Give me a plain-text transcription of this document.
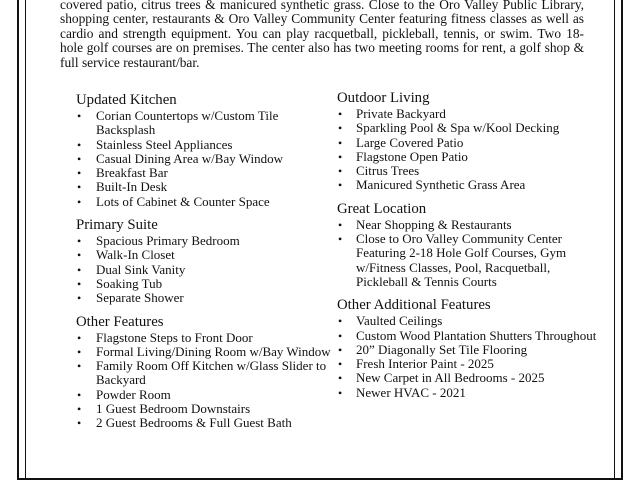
covered patio, citrus trees & manicured synthetic grass. Close to the Oro Valley Public Library, shopping center, restaurants & Oro Valley Community Center featuring fitness classes as well as cardio and strength equipment. You can play racquetball, pickleball, tennis, or swim. Two 18-hole golf courses are on premises. The center also has two meeting rooms for rent, a golf shop & full service restaurant/bar.

Updated Kitchen
• Corian Countertops w/Custom Tile Backsplash
• Stainless Steel Appliances
• Casual Dining Area w/Bay Window
• Breakfast Bar
• Built-In Desk
• Lots of Cabinet & Counter Space
Primary Suite
• Spacious Primary Bedroom
• Walk-In Closet
• Dual Sink Vanity
• Soaking Tub
• Separate Shower
Other Features
• Flagstone Steps to Front Door
• Formal Living/Dining Room w/Bay Window
• Family Room Off Kitchen w/Glass Slider to Backyard
• Powder Room
• 1 Guest Bedroom Downstairs
• 2 Guest Bedrooms & Full Guest Bath
Outdoor Living
• Private Backyard
• Sparkling Pool & Spa w/Kool Decking
• Large Covered Patio
• Flagstone Open Patio
• Citrus Trees
• Manicured Synthetic Grass Area
Great Location
• Near Shopping & Restaurants
• Close to Oro Valley Community Center Featuring 2-18 Hole Golf Courses, Gym w/Fitness Classes, Pool, Racquetball, Pickleball & Tennis Courts
Other Additional Features
• Vaulted Ceilings
• Custom Wood Plantation Shutters Throughout
• 20” Diagonally Set Tile Flooring
• Fresh Interior Paint - 2025
• New Carpet in All Bedrooms - 2025
• Newer HVAC - 2021
